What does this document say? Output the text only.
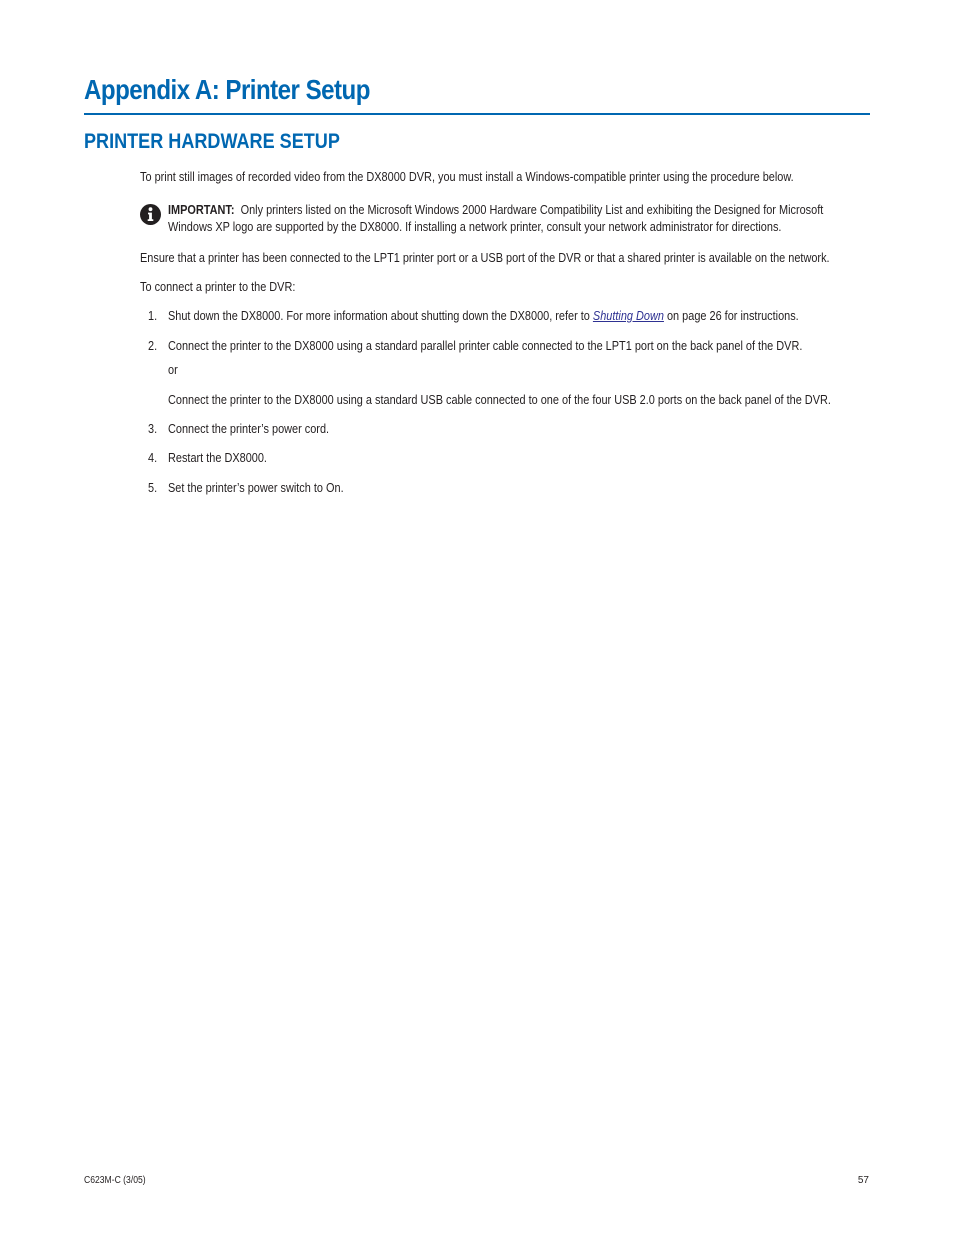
Appendix A: Printer Setup
PRINTER HARDWARE SETUP

To print still images of recorded video from the DX8000 DVR, you must install a Windows-compatible printer using the procedure below.

IMPORTANT: Only printers listed on the Microsoft Windows 2000 Hardware Compatibility List and exhibiting the Designed for Microsoft Windows XP logo are supported by the DX8000. If installing a network printer, consult your network administrator for directions.

Ensure that a printer has been connected to the LPT1 printer port or a USB port of the DVR or that a shared printer is available on the network.

To connect a printer to the DVR:

1. Shut down the DX8000. For more information about shutting down the DX8000, refer to Shutting Down on page 26 for instructions.

2. Connect the printer to the DX8000 using a standard parallel printer cable connected to the LPT1 port on the back panel of the DVR.

or

Connect the printer to the DX8000 using a standard USB cable connected to one of the four USB 2.0 ports on the back panel of the DVR.

3. Connect the printer’s power cord.

4. Restart the DX8000.

5. Set the printer’s power switch to On.

C623M-C (3/05)	57
